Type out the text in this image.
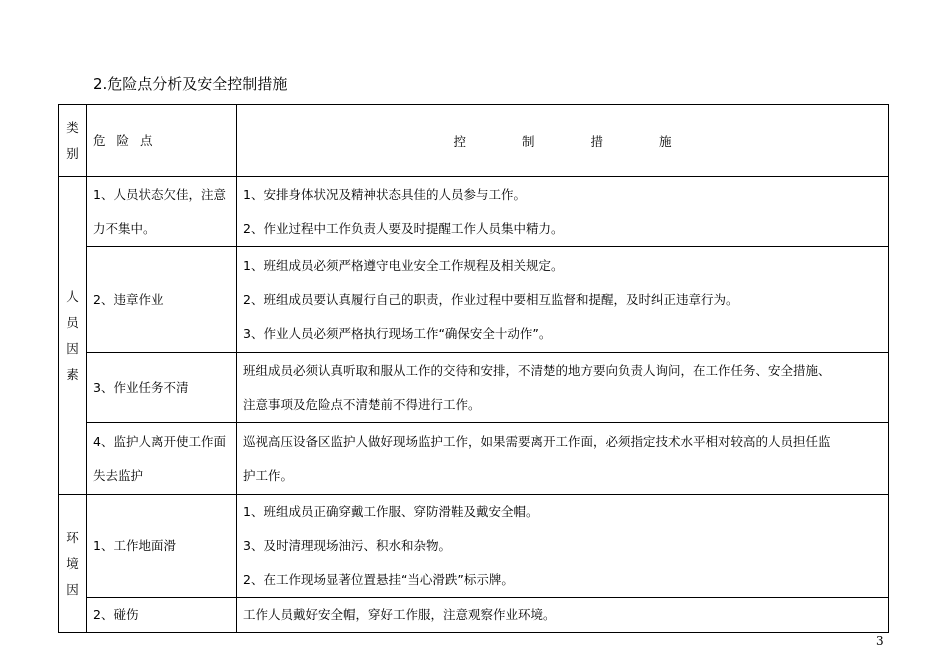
2.危险点分析及安全控制措施
类
别	危险点	控 制 措 施

人
员
因
素	1、人员状态欠佳，注意
力不集中。	1、安排身体状况及精神状态具佳的人员参与工作。
2、作业过程中工作负责人要及时提醒工作人员集中精力。

	2、违章作业	1、班组成员必须严格遵守电业安全工作规程及相关规定。
2、班组成员要认真履行自己的职责，作业过程中要相互监督和提醒，及时纠正违章行为。
3、作业人员必须严格执行现场工作“确保安全十动作”。

	3、作业任务不清	班组成员必须认真听取和服从工作的交待和安排，不清楚的地方要向负责人询问，在工作任务、安全措施、
注意事项及危险点不清楚前不得进行工作。

	4、监护人离开使工作面
失去监护	巡视高压设备区监护人做好现场监护工作，如果需要离开工作面，必须指定技术水平相对较高的人员担任监
护工作。

环
境
因	1、工作地面滑	1、班组成员正确穿戴工作服、穿防滑鞋及戴安全帽。
3、及时清理现场油污、积水和杂物。
2、在工作现场显著位置悬挂“当心滑跌”标示牌。

	2、碰伤	工作人员戴好安全帽，穿好工作服，注意观察作业环境。
3
